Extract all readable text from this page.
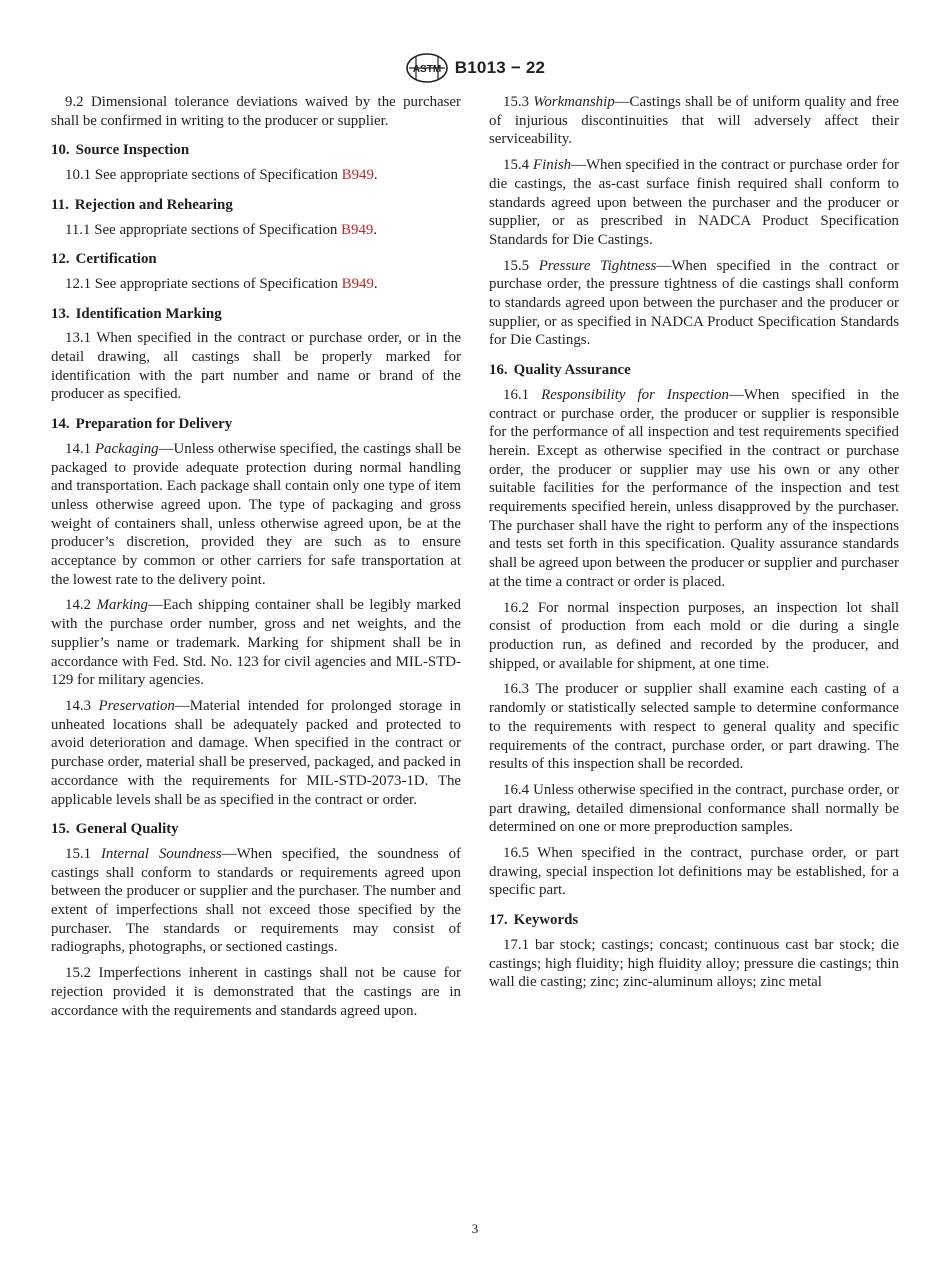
ASTM B1013 − 22

9.2 Dimensional tolerance deviations waived by the purchaser shall be confirmed in writing to the producer or supplier.

10. Source Inspection

10.1 See appropriate sections of Specification B949.

11. Rejection and Rehearing

11.1 See appropriate sections of Specification B949.

12. Certification

12.1 See appropriate sections of Specification B949.

13. Identification Marking

13.1 When specified in the contract or purchase order, or in the detail drawing, all castings shall be properly marked for identification with the part number and name or brand of the producer as specified.

14. Preparation for Delivery

14.1 Packaging—Unless otherwise specified, the castings shall be packaged to provide adequate protection during normal handling and transportation. Each package shall contain only one type of item unless otherwise agreed upon. The type of packaging and gross weight of containers shall, unless otherwise agreed upon, be at the producer’s discretion, provided they are such as to ensure acceptance by common or other carriers for safe transportation at the lowest rate to the delivery point.

14.2 Marking—Each shipping container shall be legibly marked with the purchase order number, gross and net weights, and the supplier’s name or trademark. Marking for shipment shall be in accordance with Fed. Std. No. 123 for civil agencies and MIL-STD-129 for military agencies.

14.3 Preservation—Material intended for prolonged storage in unheated locations shall be adequately packed and protected to avoid deterioration and damage. When specified in the contract or purchase order, material shall be preserved, packaged, and packed in accordance with the requirements for MIL-STD-2073-1D. The applicable levels shall be as specified in the contract or order.

15. General Quality

15.1 Internal Soundness—When specified, the soundness of castings shall conform to standards or requirements agreed upon between the producer or supplier and the purchaser. The number and extent of imperfections shall not exceed those specified by the purchaser. The standards or requirements may consist of radiographs, photographs, or sectioned castings.

15.2 Imperfections inherent in castings shall not be cause for rejection provided it is demonstrated that the castings are in accordance with the requirements and standards agreed upon.

15.3 Workmanship—Castings shall be of uniform quality and free of injurious discontinuities that will adversely affect their serviceability.

15.4 Finish—When specified in the contract or purchase order for die castings, the as-cast surface finish required shall conform to standards agreed upon between the purchaser and the producer or supplier, or as prescribed in NADCA Product Specification Standards for Die Castings.

15.5 Pressure Tightness—When specified in the contract or purchase order, the pressure tightness of die castings shall conform to standards agreed upon between the purchaser and the producer or supplier, or as specified in NADCA Product Specification Standards for Die Castings.

16. Quality Assurance

16.1 Responsibility for Inspection—When specified in the contract or purchase order, the producer or supplier is responsible for the performance of all inspection and test requirements specified herein. Except as otherwise specified in the contract or purchase order, the producer or supplier may use his own or any other suitable facilities for the performance of the inspection and test requirements specified herein, unless disapproved by the purchaser. The purchaser shall have the right to perform any of the inspections and tests set forth in this specification. Quality assurance standards shall be agreed upon between the producer or supplier and purchaser at the time a contract or order is placed.

16.2 For normal inspection purposes, an inspection lot shall consist of production from each mold or die during a single production run, as defined and recorded by the producer, and shipped, or available for shipment, at one time.

16.3 The producer or supplier shall examine each casting of a randomly or statistically selected sample to determine conformance to the requirements with respect to general quality and specific requirements of the contract, purchase order, or part drawing. The results of this inspection shall be recorded.

16.4 Unless otherwise specified in the contract, purchase order, or part drawing, detailed dimensional conformance shall normally be determined on one or more preproduction samples.

16.5 When specified in the contract, purchase order, or part drawing, special inspection lot definitions may be established, for a specific part.

17. Keywords

17.1 bar stock; castings; concast; continuous cast bar stock; die castings; high fluidity; high fluidity alloy; pressure die castings; thin wall die casting; zinc; zinc-aluminum alloys; zinc metal

3
